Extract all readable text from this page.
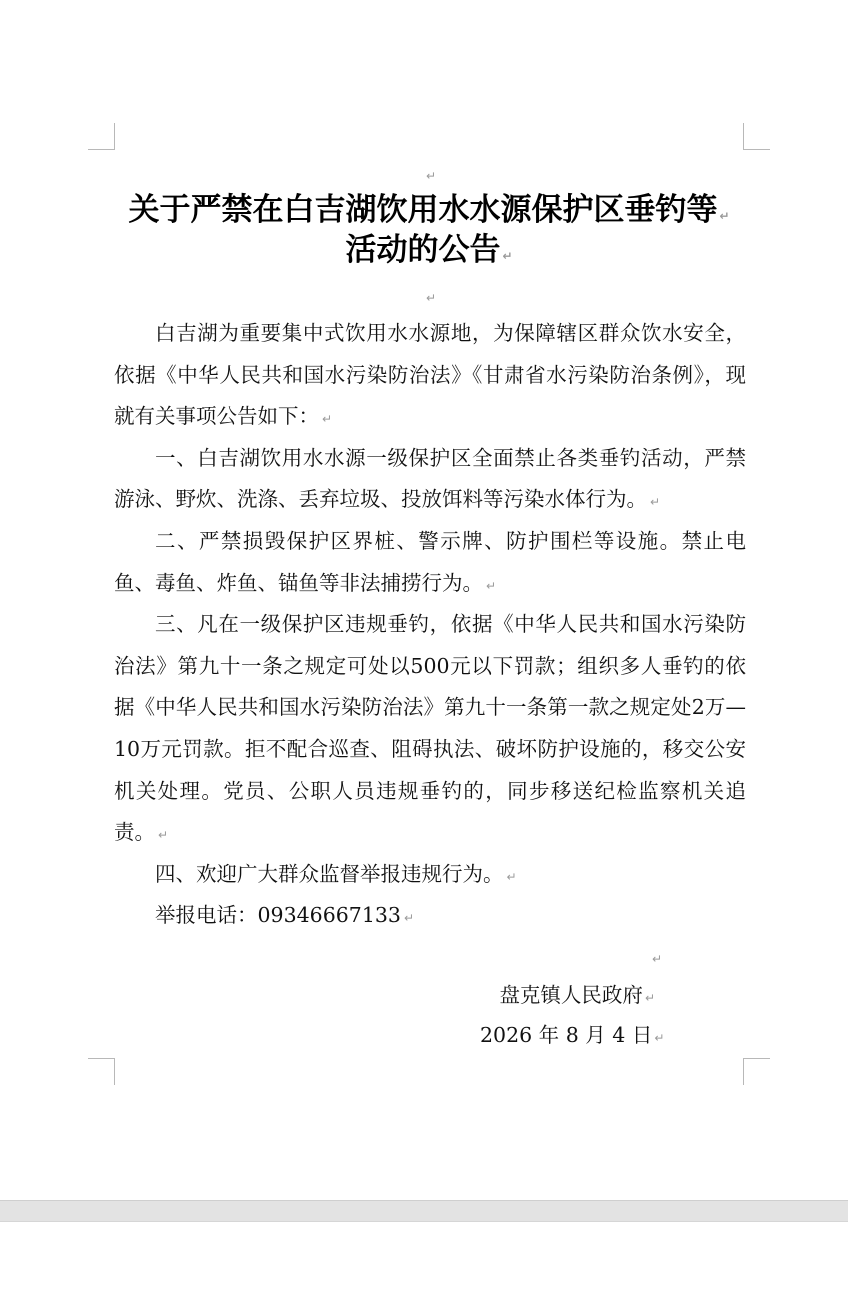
↵
关于严禁在白吉湖饮用水水源保护区垂钓等 ↵
活动的公告 ↵
↵

白吉湖为重要集中式饮用水水源地，为保障辖区群众饮水安全，依据《中华人民共和国水污染防治法》《甘肃省水污染防治条例》，现就有关事项公告如下： ↵

一、白吉湖饮用水水源一级保护区全面禁止各类垂钓活动，严禁游泳、野炊、洗涤、丢弃垃圾、投放饵料等污染水体行为。 ↵

二、严禁损毁保护区界桩、警示牌、防护围栏等设施。禁止电鱼、毒鱼、炸鱼、锚鱼等非法捕捞行为。 ↵

三、凡在一级保护区违规垂钓，依据《中华人民共和国水污染防治法》第九十一条之规定可处以500元以下罚款；组织多人垂钓的依据《中华人民共和国水污染防治法》第九十一条第一款之规定处2万—10万元罚款。拒不配合巡查、阻碍执法、破坏防护设施的，移交公安机关处理。党员、公职人员违规垂钓的，同步移送纪检监察机关追责。 ↵

四、欢迎广大群众监督举报违规行为。 ↵

举报电话：09346667133 ↵

↵
盘克镇人民政府 ↵
2026 年 8 月 4 日 ↵
